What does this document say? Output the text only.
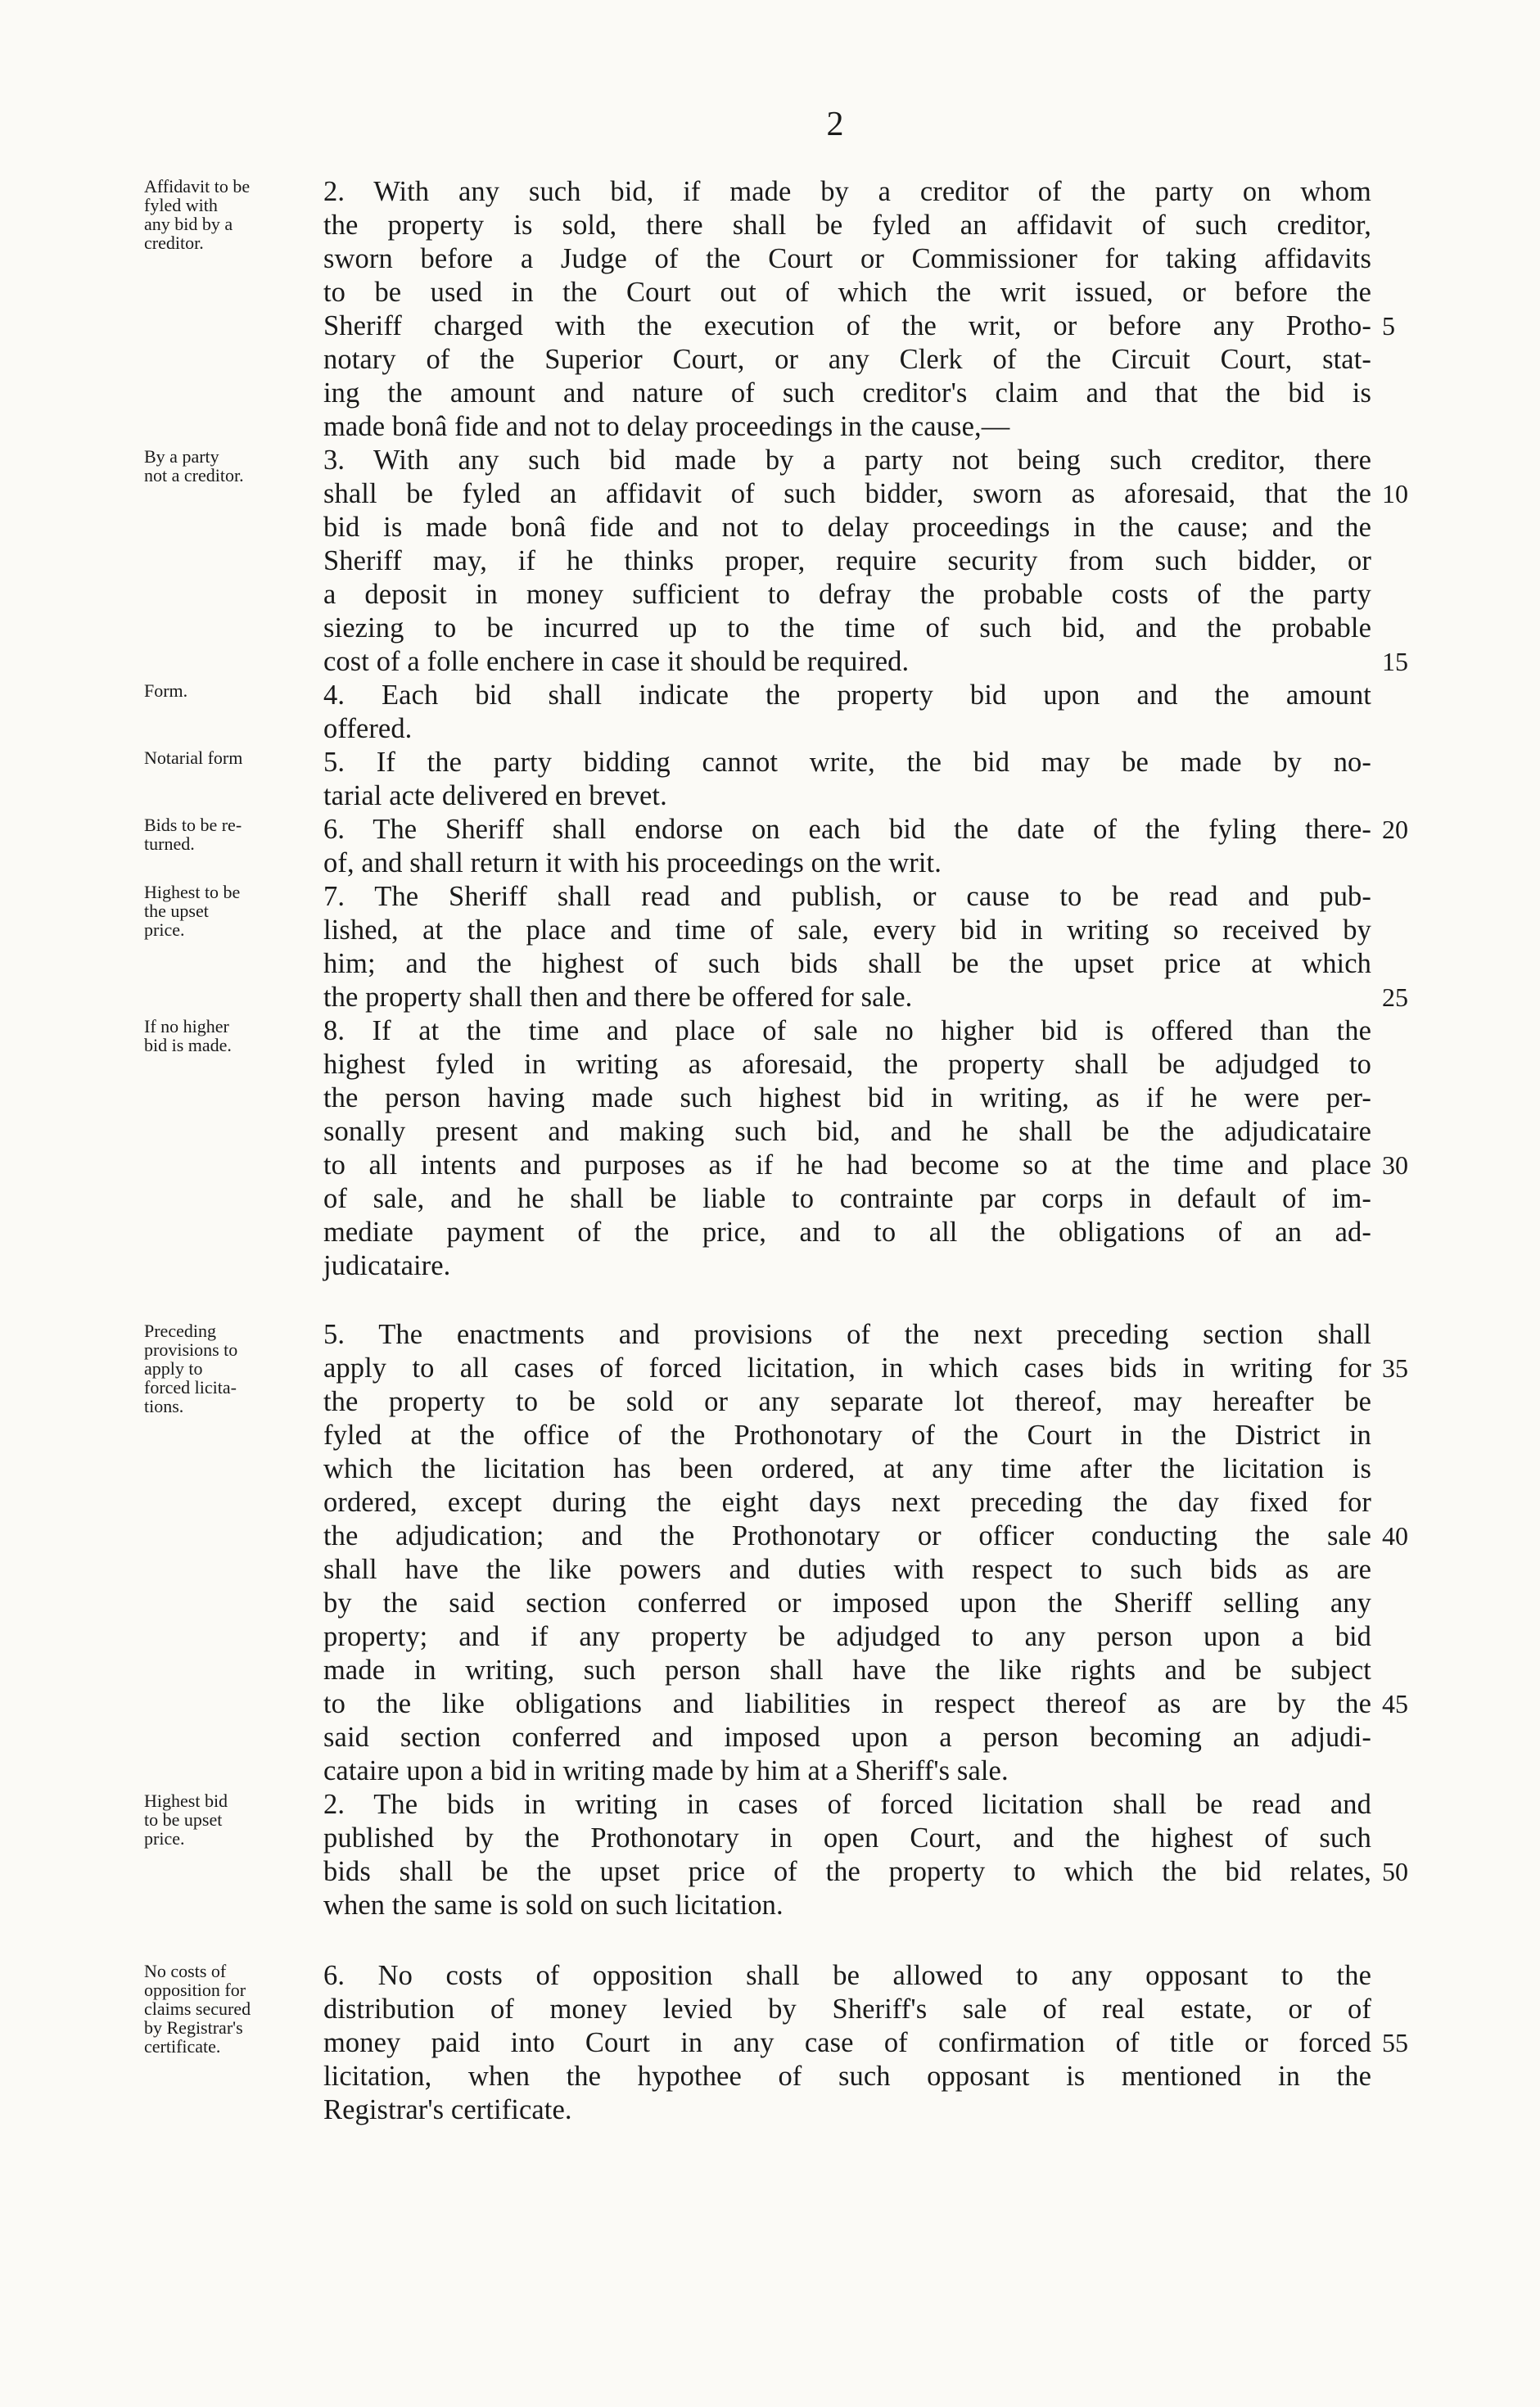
2
Affidavit to be
fyled with
any bid by a
creditor.
By a party
not a creditor.
Form.
Notarial form
Bids to be re-
turned.
Highest to be
the upset
price.
If no higher
bid is made.
Preceding
provisions to
apply to
forced licita-
tions.
Highest bid
to be upset
price.
No costs of
opposition for
claims secured
by Registrar's
certificate.
2. With any such bid, if made by a creditor of the party on whom
the property is sold, there shall be fyled an affidavit of such creditor,
sworn before a Judge of the Court or Commissioner for taking affidavits
to be used in the Court out of which the writ issued, or before the
Sheriff charged with the execution of the writ, or before any Protho-
notary of the Superior Court, or any Clerk of the Circuit Court, stat-
ing the amount and nature of such creditor's claim and that the bid is
made bonâ fide and not to delay proceedings in the cause,—
3. With any such bid made by a party not being such creditor, there
shall be fyled an affidavit of such bidder, sworn as aforesaid, that the
bid is made bonâ fide and not to delay proceedings in the cause; and the
Sheriff may, if he thinks proper, require security from such bidder, or
a deposit in money sufficient to defray the probable costs of the party
siezing to be incurred up to the time of such bid, and the probable
cost of a folle enchere in case it should be required.
4. Each bid shall indicate the property bid upon and the amount
offered.
5. If the party bidding cannot write, the bid may be made by no-
tarial acte delivered en brevet.
6. The Sheriff shall endorse on each bid the date of the fyling there-
of, and shall return it with his proceedings on the writ.
7. The Sheriff shall read and publish, or cause to be read and pub-
lished, at the place and time of sale, every bid in writing so received by
him; and the highest of such bids shall be the upset price at which
the property shall then and there be offered for sale.
8. If at the time and place of sale no higher bid is offered than the
highest fyled in writing as aforesaid, the property shall be adjudged to
the person having made such highest bid in writing, as if he were per-
sonally present and making such bid, and he shall be the adjudicataire
to all intents and purposes as if he had become so at the time and place
of sale, and he shall be liable to contrainte par corps in default of im-
mediate payment of the price, and to all the obligations of an ad-
judicataire.
5. The enactments and provisions of the next preceding section shall
apply to all cases of forced licitation, in which cases bids in writing for
the property to be sold or any separate lot thereof, may hereafter be
fyled at the office of the Prothonotary of the Court in the District in
which the licitation has been ordered, at any time after the licitation is
ordered, except during the eight days next preceding the day fixed for
the adjudication; and the Prothonotary or officer conducting the sale
shall have the like powers and duties with respect to such bids as are
by the said section conferred or imposed upon the Sheriff selling any
property; and if any property be adjudged to any person upon a bid
made in writing, such person shall have the like rights and be subject
to the like obligations and liabilities in respect thereof as are by the
said section conferred and imposed upon a person becoming an adjudi-
cataire upon a bid in writing made by him at a Sheriff's sale.
2. The bids in writing in cases of forced licitation shall be read and
published by the Prothonotary in open Court, and the highest of such
bids shall be the upset price of the property to which the bid relates,
when the same is sold on such licitation.
6. No costs of opposition shall be allowed to any opposant to the
distribution of money levied by Sheriff's sale of real estate, or of
money paid into Court in any case of confirmation of title or forced
licitation, when the hypothee of such opposant is mentioned in the
Registrar's certificate.
5
10
15
20
25
30
35
40
45
50
55
